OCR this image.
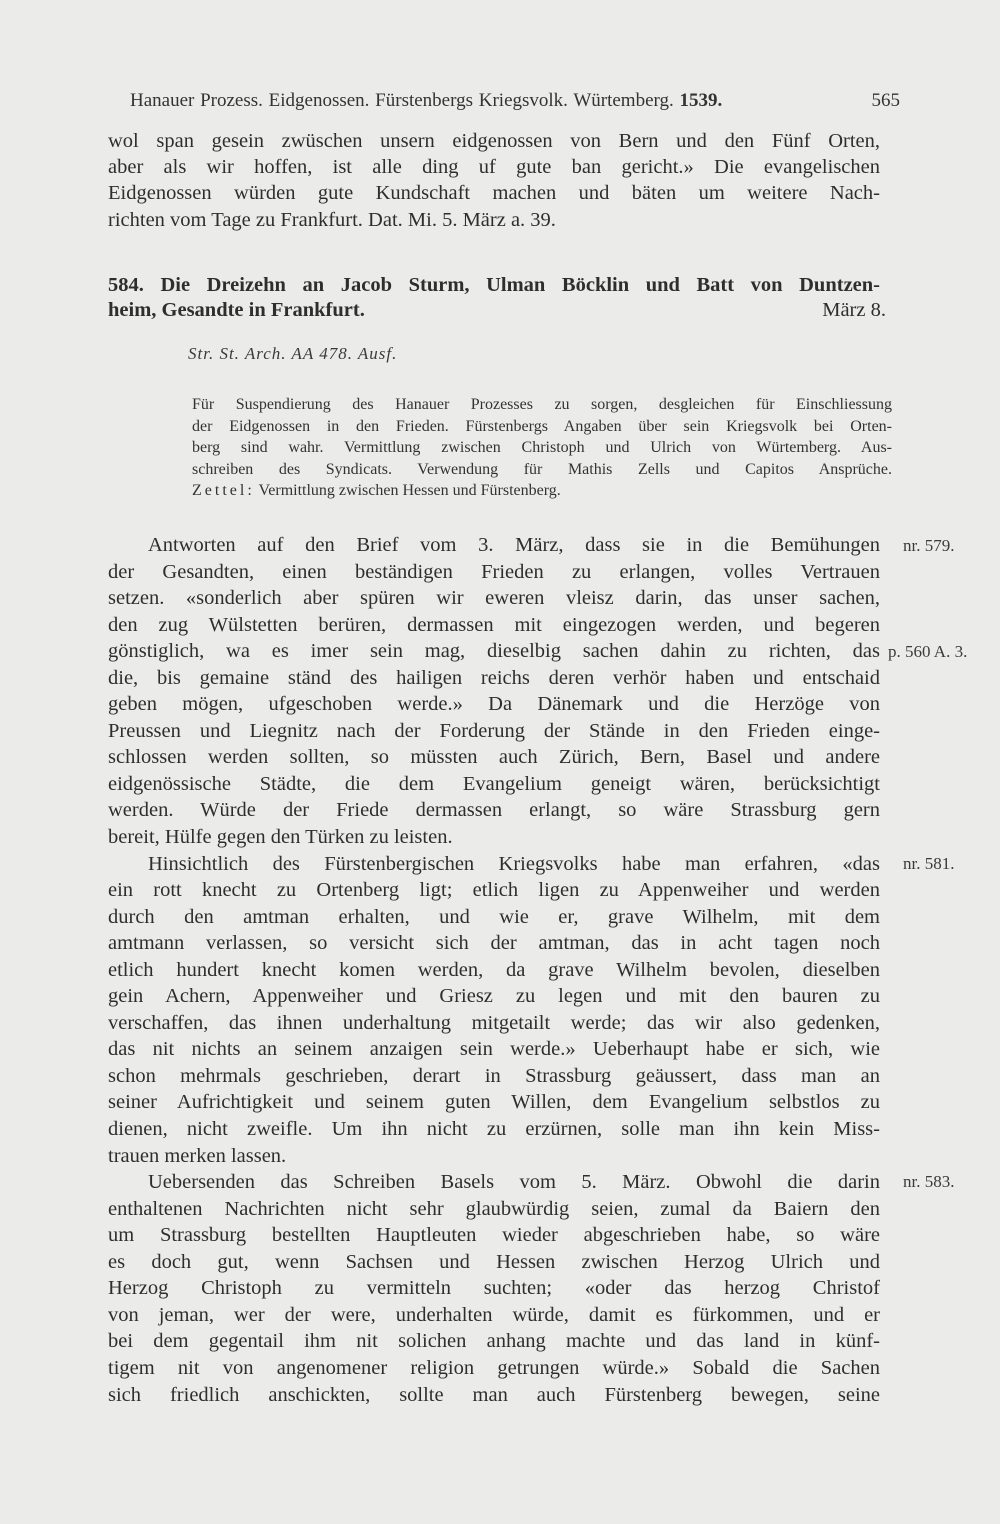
Hanauer Prozess. Eidgenossen. Fürstenbergs Kriegsvolk. Würtemberg. 1539.	565
wol span gesein zwüschen unsern eidgenossen von Bern und den Fünf Orten,
aber als wir hoffen, ist alle ding uf gute ban gericht.» Die evangelischen
Eidgenossen würden gute Kundschaft machen und bäten um weitere Nach-
richten vom Tage zu Frankfurt. Dat. Mi. 5. März a. 39.
584. Die Dreizehn an Jacob Sturm, Ulman Böcklin und Batt von Duntzen-
heim, Gesandte in Frankfurt.	März 8.
Str. St. Arch. AA 478. Ausf.
Für Suspendierung des Hanauer Prozesses zu sorgen, desgleichen für Einschliessung
der Eidgenossen in den Frieden. Fürstenbergs Angaben über sein Kriegsvolk bei Orten-
berg sind wahr. Vermittlung zwischen Christoph und Ulrich von Würtemberg. Aus-
schreiben des Syndicats. Verwendung für Mathis Zells und Capitos Ansprüche.
Zettel: Vermittlung zwischen Hessen und Fürstenberg.
Antworten auf den Brief vom 3. März, dass sie in die Bemühungen
der Gesandten, einen beständigen Frieden zu erlangen, volles Vertrauen
setzen. «sonderlich aber spüren wir eweren vleisz darin, das unser sachen,
den zug Wülstetten berüren, dermassen mit eingezogen werden, und begeren
gönstiglich, wa es imer sein mag, dieselbig sachen dahin zu richten, das
die, bis gemaine ständ des hailigen reichs deren verhör haben und entschaid
geben mögen, ufgeschoben werde.» Da Dänemark und die Herzöge von
Preussen und Liegnitz nach der Forderung der Stände in den Frieden einge-
schlossen werden sollten, so müssten auch Zürich, Bern, Basel und andere
eidgenössische Städte, die dem Evangelium geneigt wären, berücksichtigt
werden. Würde der Friede dermassen erlangt, so wäre Strassburg gern
bereit, Hülfe gegen den Türken zu leisten.
Hinsichtlich des Fürstenbergischen Kriegsvolks habe man erfahren, «das
ein rott knecht zu Ortenberg ligt; etlich ligen zu Appenweiher und werden
durch den amtman erhalten, und wie er, grave Wilhelm, mit dem
amtmann verlassen, so versicht sich der amtman, das in acht tagen noch
etlich hundert knecht komen werden, da grave Wilhelm bevolen, dieselben
gein Achern, Appenweiher und Griesz zu legen und mit den bauren zu
verschaffen, das ihnen underhaltung mitgetailt werde; das wir also gedenken,
das nit nichts an seinem anzaigen sein werde.» Ueberhaupt habe er sich, wie
schon mehrmals geschrieben, derart in Strassburg geäussert, dass man an
seiner Aufrichtigkeit und seinem guten Willen, dem Evangelium selbstlos zu
dienen, nicht zweifle. Um ihn nicht zu erzürnen, solle man ihn kein Miss-
trauen merken lassen.
Uebersenden das Schreiben Basels vom 5. März. Obwohl die darin
enthaltenen Nachrichten nicht sehr glaubwürdig seien, zumal da Baiern den
um Strassburg bestellten Hauptleuten wieder abgeschrieben habe, so wäre
es doch gut, wenn Sachsen und Hessen zwischen Herzog Ulrich und
Herzog Christoph zu vermitteln suchten; «oder das herzog Christof
von jeman, wer der were, underhalten würde, damit es fürkommen, und er
bei dem gegentail ihm nit solichen anhang machte und das land in künf-
tigem nit von angenomener religion getrungen würde.» Sobald die Sachen
sich friedlich anschickten, sollte man auch Fürstenberg bewegen, seine
nr. 579.
p. 560 A. 3.
nr. 581.
nr. 583.
